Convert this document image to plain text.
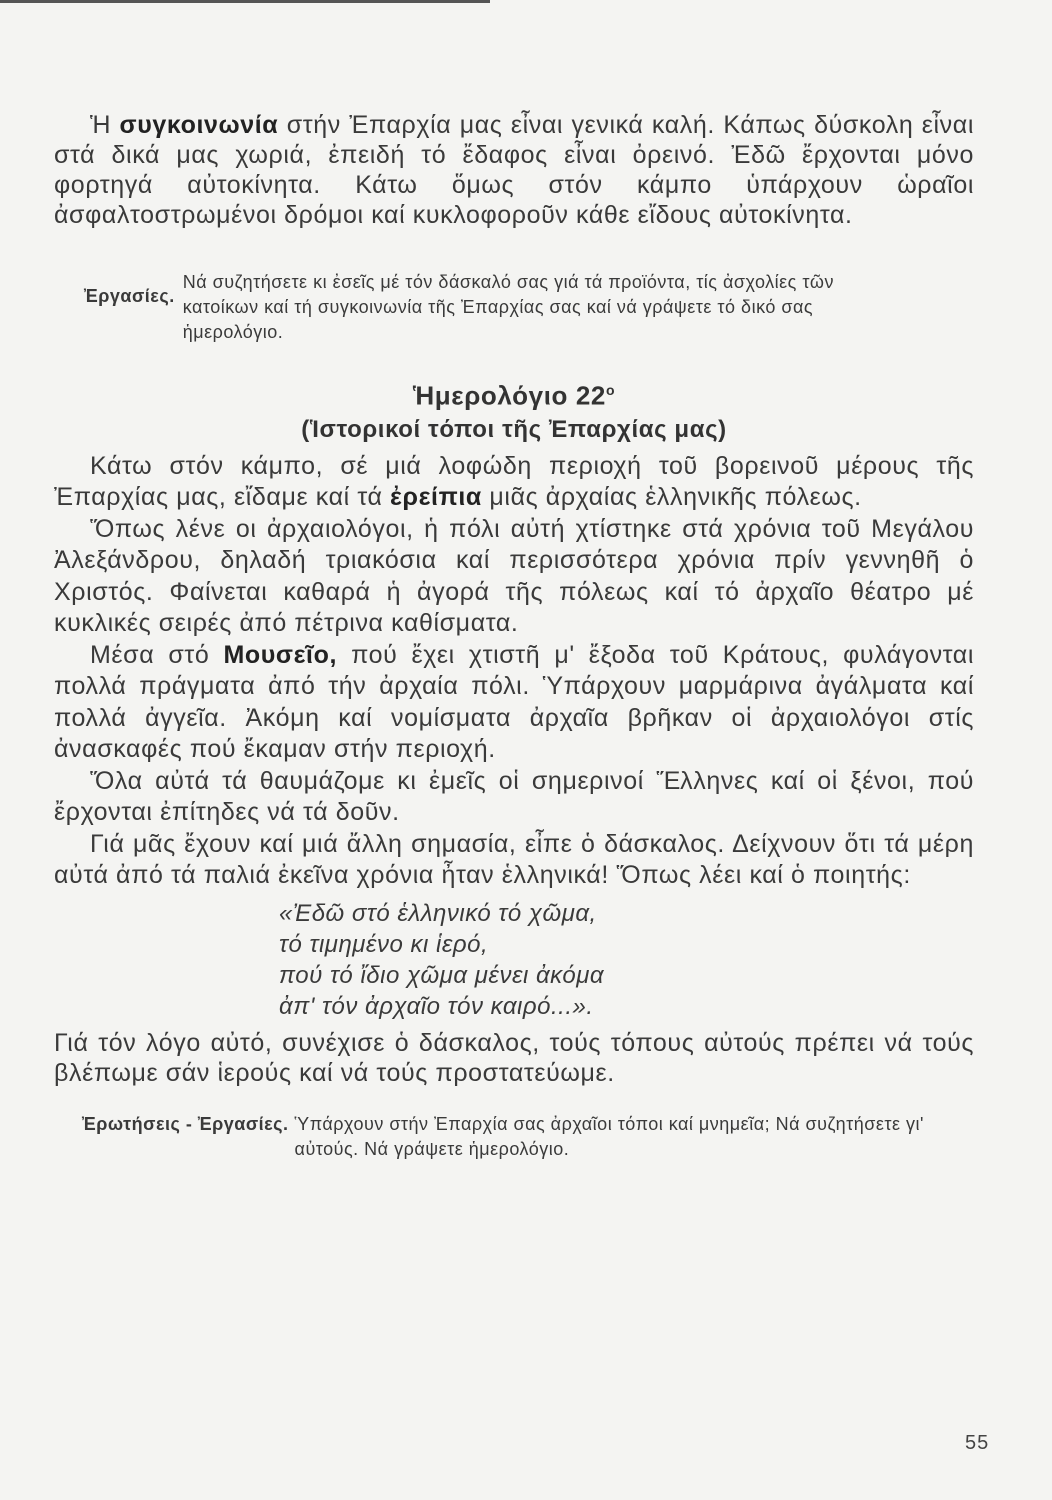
Ἡ συγκοινωνία στήν Ἐπαρχία μας εἶναι γενικά καλή. Κάπως δύσκολη εἶναι στά δικά μας χωριά, ἐπειδή τό ἔδαφος εἶναι ὀρεινό. Ἐδῶ ἔρχονται μόνο φορτηγά αὐτοκίνητα. Κάτω ὅμως στόν κάμπο ὑπάρχουν ὡραῖοι ἀσφαλτοστρωμένοι δρόμοι καί κυκλοφοροῦν κάθε εἴδους αὐτοκίνητα.

Ἐργασίες.
Νά συζητήσετε κι ἐσεῖς μέ τόν δάσκαλό σας γιά τά προϊόντα, τίς ἀσχολίες τῶν κατοίκων καί τή συγκοινωνία τῆς Ἐπαρχίας σας καί νά γράψετε τό δικό σας ἡμερολόγιο.
Ἡμερολόγιο $22^o$
(Ἱστορικοί τόποι τῆς Ἐπαρχίας μας)

Κάτω στόν κάμπο, σέ μιά λοφώδη περιοχή τοῦ βορεινοῦ μέρους τῆς Ἐπαρχίας μας, εἴδαμε καί τά ἐρείπια μιᾶς ἀρχαίας ἑλληνικῆς πόλεως.

Ὅπως λένε οι ἀρχαιολόγοι, ἡ πόλι αὐτή χτίστηκε στά χρόνια τοῦ Μεγάλου Ἀλεξάνδρου, δηλαδή τριακόσια καί περισσότερα χρόνια πρίν γεννηθῆ ὁ Χριστός. Φαίνεται καθαρά ἡ ἀγορά τῆς πόλεως καί τό ἀρχαῖο θέατρο μέ κυκλικές σειρές ἀπό πέτρινα καθίσματα.

Μέσα στό Μουσεῖο, πού ἔχει χτιστῆ μ' ἔξοδα τοῦ Κράτους, φυλάγονται πολλά πράγματα ἀπό τήν ἀρχαία πόλι. Ὑπάρχουν μαρμάρινα ἀγάλματα καί πολλά ἀγγεῖα. Ἀκόμη καί νομίσματα ἀρχαῖα βρῆκαν οἱ ἀρχαιολόγοι στίς ἀνασκαφές πού ἔκαμαν στήν περιοχή.

Ὅλα αὐτά τά θαυμάζομε κι ἐμεῖς οἱ σημερινοί Ἕλληνες καί οἱ ξένοι, πού ἔρχονται ἐπίτηδες νά τά δοῦν.

Γιά μᾶς ἔχουν καί μιά ἄλλη σημασία, εἶπε ὁ δάσκαλος. Δείχνουν ὅτι τά μέρη αὐτά ἀπό τά παλιά ἐκεῖνα χρόνια ἦταν ἑλληνικά! Ὅπως λέει καί ὁ ποιητής:

«Ἐδῶ στό ἑλληνικό τό χῶμα,
τό τιμημένο κι ἱερό,
πού τό ἴδιο χῶμα μένει ἀκόμα
ἀπ' τόν ἀρχαῖο τόν καιρό...».

Γιά τόν λόγο αὐτό, συνέχισε ὁ δάσκαλος, τούς τόπους αὐτούς πρέπει νά τούς βλέπωμε σάν ἱερούς καί νά τούς προστατεύωμε.

Ἐρωτήσεις - Ἐργασίες. Ὑπάρχουν στήν Ἐπαρχία σας ἀρχαῖοι τόποι καί μνημεῖα; Νά συζητήσετε γι' αὐτούς. Νά γράψετε ἡμερολόγιο.
55
